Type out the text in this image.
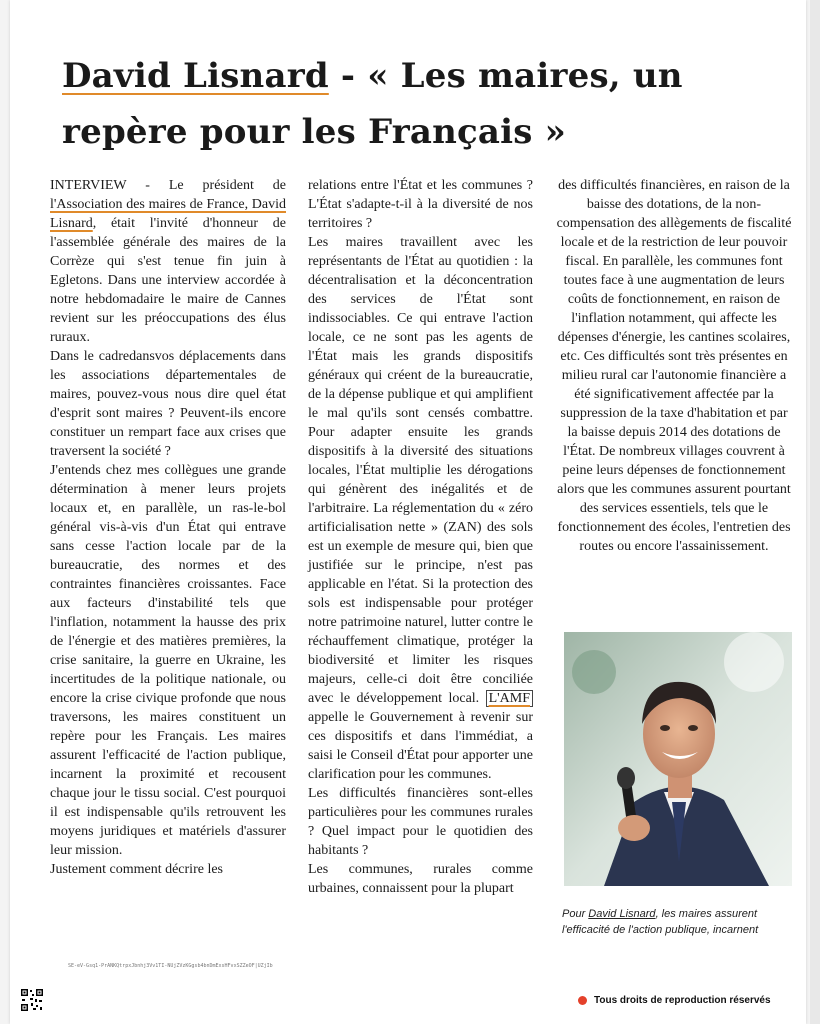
David Lisnard - « Les maires, un repère pour les Français »

INTERVIEW - Le président de l'Association des maires de France, David Lisnard, était l'invité d'honneur de l'assemblée générale des maires de la Corrèze qui s'est tenue fin juin à Egletons. Dans une interview accordée à notre hebdomadaire le maire de Cannes revient sur les préoccupations des élus ruraux.

Dans le cadredansvos déplacements dans les associations départementales de maires, pouvez-vous nous dire quel état d'esprit sont maires ? Peuvent-ils encore constituer un rempart face aux crises que traversent la société ?

J'entends chez mes collègues une grande détermination à mener leurs projets locaux et, en parallèle, un ras-le-bol général vis-à-vis d'un État qui entrave sans cesse l'action locale par de la bureaucratie, des normes et des contraintes financières croissantes. Face aux facteurs d'instabilité tels que l'inflation, notamment la hausse des prix de l'énergie et des matières premières, la crise sanitaire, la guerre en Ukraine, les incertitudes de la politique nationale, ou encore la crise civique profonde que nous traversons, les maires constituent un repère pour les Français. Les maires assurent l'efficacité de l'action publique, incarnent la proximité et recousent chaque jour le tissu social. C'est pourquoi il est indispensable qu'ils retrouvent les moyens juridiques et matériels d'assurer leur mission.

Justement comment décrire les

relations entre l'État et les communes ? L'État s'adapte-t-il à la diversité de nos territoires ?

Les maires travaillent avec les représentants de l'État au quotidien : la décentralisation et la déconcentration des services de l'État sont indissociables. Ce qui entrave l'action locale, ce ne sont pas les agents de l'État mais les grands dispositifs généraux qui créent de la bureaucratie, de la dépense publique et qui amplifient le mal qu'ils sont censés combattre. Pour adapter ensuite les grands dispositifs à la diversité des situations locales, l'État multiplie les dérogations qui génèrent des inégalités et de l'arbitraire. La réglementation du « zéro artificialisation nette » (ZAN) des sols est un exemple de mesure qui, bien que justifiée sur le principe, n'est pas applicable en l'état. Si la protection des sols est indispensable pour protéger notre patrimoine naturel, lutter contre le réchauffement climatique, protéger la biodiversité et limiter les risques majeurs, celle-ci doit être conciliée avec le développement local. L'AMF appelle le Gouvernement à revenir sur ces dispositifs et dans l'immédiat, a saisi le Conseil d'État pour apporter une clarification pour les communes.

Les difficultés financières sont-elles particulières pour les communes rurales ? Quel impact pour le quotidien des habitants ?

Les communes, rurales comme urbaines, connaissent pour la plupart

des difficultés financières, en raison de la baisse des dotations, de la non-compensation des allègements de fiscalité locale et de la restriction de leur pouvoir fiscal. En parallèle, les communes font toutes face à une augmentation de leurs coûts de fonctionnement, en raison de l'inflation notamment, qui affecte les dépenses d'énergie, les cantines scolaires, etc. Ces difficultés sont très présentes en milieu rural car l'autonomie financière a été significativement affectée par la suppression de la taxe d'habitation et par la baisse depuis 2014 des dotations de l'État. De nombreux villages couvrent à peine leurs dépenses de fonctionnement alors que les communes assurent pourtant des services essentiels, tels que le fonctionnement des écoles, l'entretien des routes ou encore l'assainissement.

Pour David Lisnard, les maires assurent l'efficacité de l'action publique, incarnent
SE-eV-Gsq1-PrANKQtrpxJbnhj3Vv1TI-NUjZVzKGgsb4bnDmExsHFvxSZZeOF|UZjIb
Tous droits de reproduction réservés
